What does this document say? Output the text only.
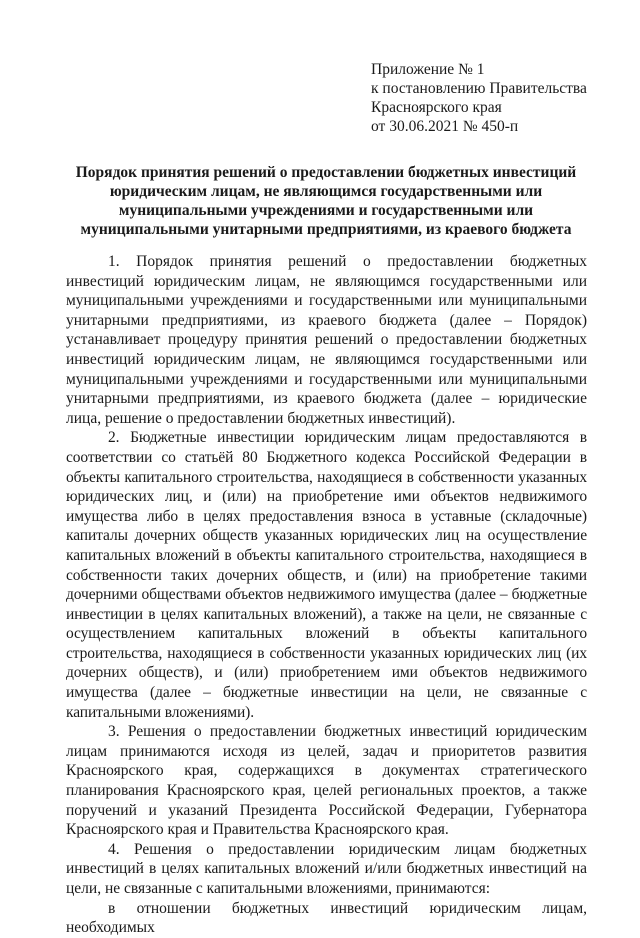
Приложение № 1
к постановлению Правительства
Красноярского края
от 30.06.2021 № 450-п
Порядок принятия решений о предоставлении бюджетных инвестиций
юридическим лицам, не являющимся государственными или
муниципальными учреждениями и государственными или
муниципальными унитарными предприятиями, из краевого бюджета

1. Порядок принятия решений о предоставлении бюджетных инвестиций юридическим лицам, не являющимся государственными или муниципальными учреждениями и государственными или муниципальными унитарными предприятиями, из краевого бюджета (далее – Порядок) устанавливает процедуру принятия решений о предоставлении бюджетных инвестиций юридическим лицам, не являющимся государственными или муниципальными учреждениями и государственными или муниципальными унитарными предприятиями, из краевого бюджета (далее – юридические лица, решение о предоставлении бюджетных инвестиций).

2. Бюджетные инвестиции юридическим лицам предоставляются в соответствии со статьёй 80 Бюджетного кодекса Российской Федерации в объекты капитального строительства, находящиеся в собственности указанных юридических лиц, и (или) на приобретение ими объектов недвижимого имущества либо в целях предоставления взноса в уставные (складочные) капиталы дочерних обществ указанных юридических лиц на осуществление капитальных вложений в объекты капитального строительства, находящиеся в собственности таких дочерних обществ, и (или) на приобретение такими дочерними обществами объектов недвижимого имущества (далее – бюджетные инвестиции в целях капитальных вложений), а также на цели, не связанные с осуществлением капитальных вложений в объекты капитального строительства, находящиеся в собственности указанных юридических лиц (их дочерних обществ), и (или) приобретением ими объектов недвижимого имущества (далее – бюджетные инвестиции на цели, не связанные с капитальными вложениями).

3. Решения о предоставлении бюджетных инвестиций юридическим лицам принимаются исходя из целей, задач и приоритетов развития Красноярского края, содержащихся в документах стратегического планирования Красноярского края, целей региональных проектов, а также поручений и указаний Президента Российской Федерации, Губернатора Красноярского края и Правительства Красноярского края.

4. Решения о предоставлении юридическим лицам бюджетных инвестиций в целях капитальных вложений и/или бюджетных инвестиций на цели, не связанные с капитальными вложениями, принимаются:

в отношении бюджетных инвестиций юридическим лицам, необходимых
